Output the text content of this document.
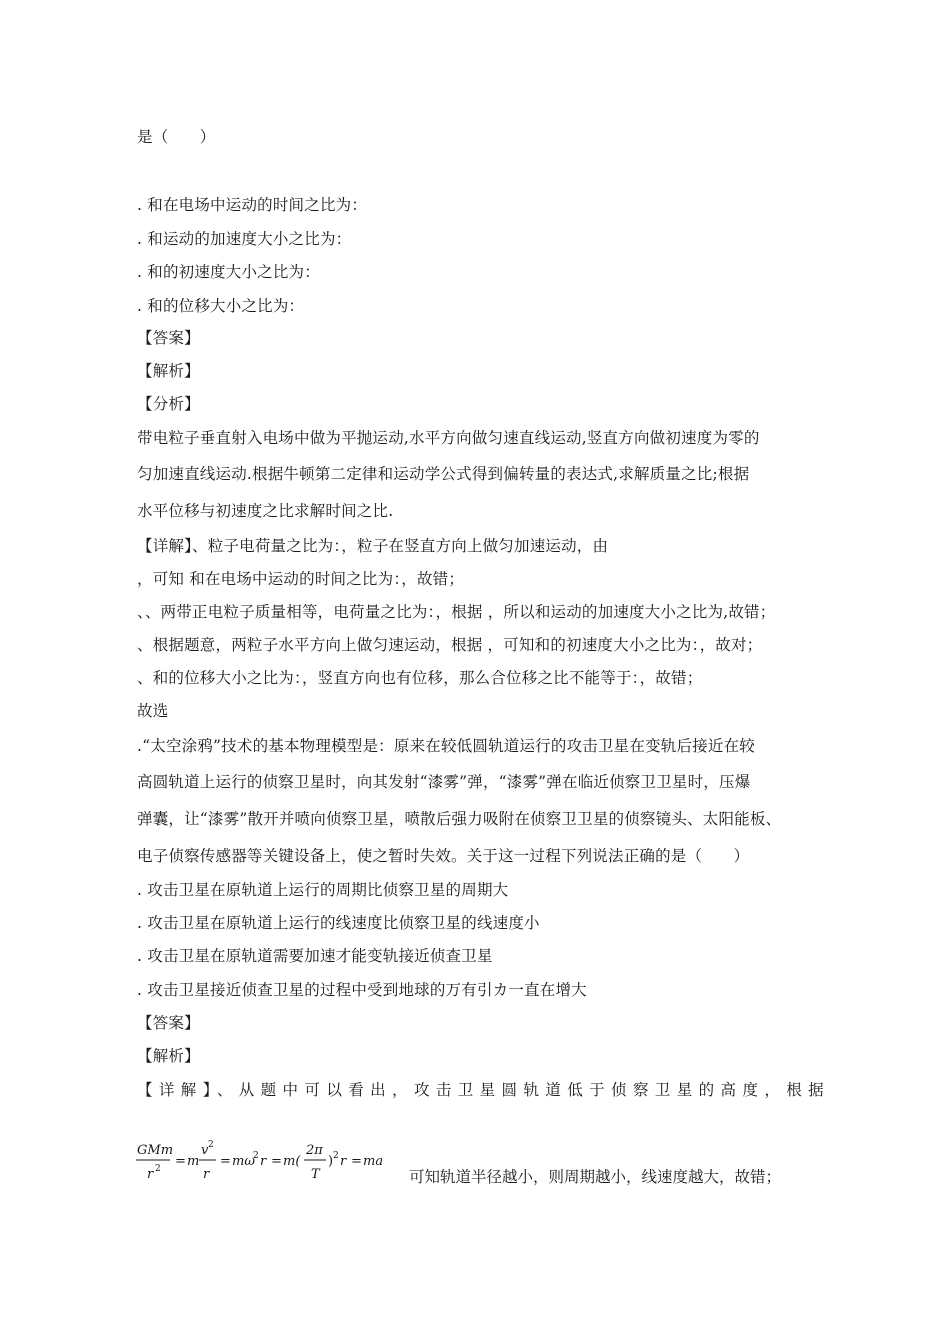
是（　　）
. 和在电场中运动的时间之比为：
. 和运动的加速度大小之比为：
. 和的初速度大小之比为：
. 和的位移大小之比为：
【答案】
【解析】
【分析】
带电粒子垂直射入电场中做为平抛运动,水平方向做匀速直线运动,竖直方向做初速度为零的
匀加速直线运动.根据牛顿第二定律和运动学公式得到偏转量的表达式,求解质量之比;根据
水平位移与初速度之比求解时间之比.
【详解】、粒子电荷量之比为：，粒子在竖直方向上做匀加速运动，由
，可知 和在电场中运动的时间之比为：，故错；
、、两带正电粒子质量相等，电荷量之比为：，根据 ，所以和运动的加速度大小之比为,故错；
、根据题意，两粒子水平方向上做匀速运动，根据 ，可知和的初速度大小之比为：，故对；
、和的位移大小之比为：，竖直方向也有位移，那么合位移之比不能等于：，故错；
故选
.“太空涂鸦”技术的基本物理模型是：原来在较低圆轨道运行的攻击卫星在变轨后接近在较
高圆轨道上运行的侦察卫星时，向其发射“漆雾”弹，“漆雾”弹在临近侦察卫卫星时，压爆
弹囊，让“漆雾”散开并喷向侦察卫星，喷散后强力吸附在侦察卫卫星的侦察镜头、太阳能板、
电子侦察传感器等关键设备上，使之暂时失效。关于这一过程下列说法正确的是（　　）
. 攻击卫星在原轨道上运行的周期比侦察卫星的周期大
. 攻击卫星在原轨道上运行的线速度比侦察卫星的线速度小
. 攻击卫星在原轨道需要加速才能变轨接近侦查卫星
. 攻击卫星接近侦查卫星的过程中受到地球的万有引カ一直在增大
【答案】
【解析】
【详解】、从题中可以看出，攻击卫星圆轨道低于侦察卫星的高度，根据
GMm
r 2 = m
v 2
r
= mω
2 r = m(
2π
T
) 2 r = ma
可知轨道半径越小，则周期越小，线速度越大，故错；
